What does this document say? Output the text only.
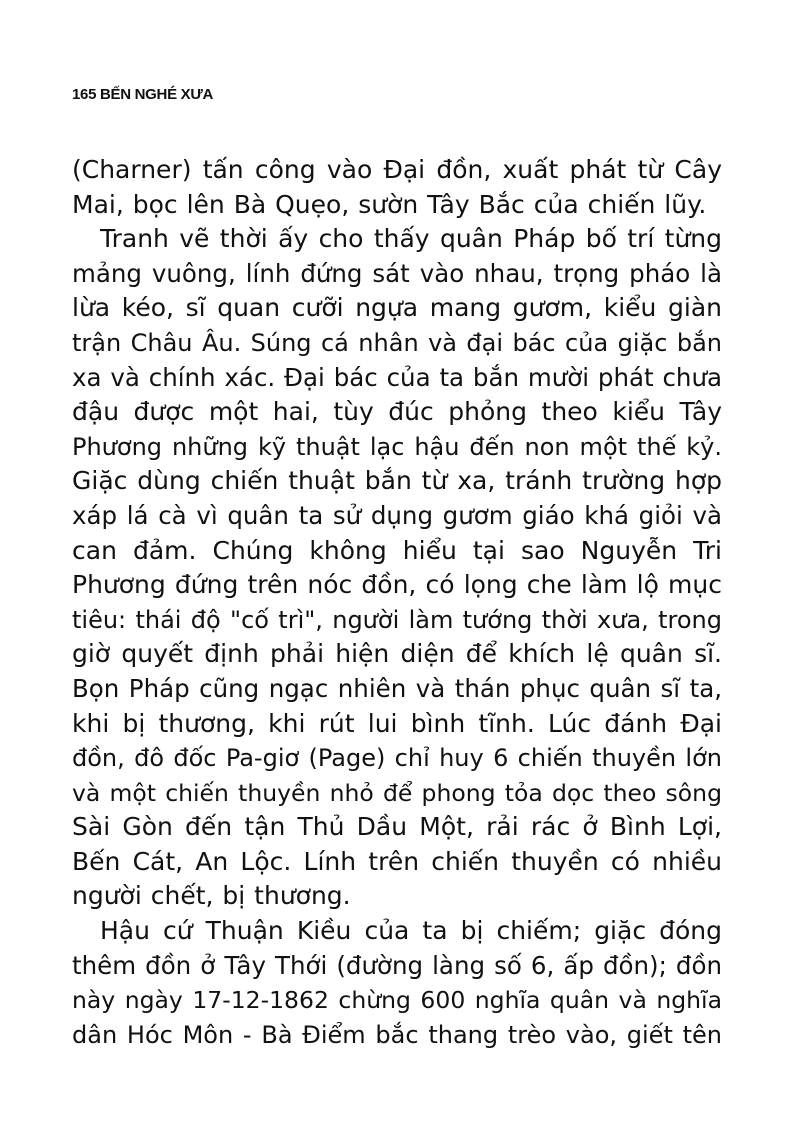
165 BẾN NGHÉ XƯA
(Charner) tấn công vào Đại đồn, xuất phát từ Cây
Mai, bọc lên Bà Quẹo, sườn Tây Bắc của chiến lũy.
Tranh vẽ thời ấy cho thấy quân Pháp bố trí từng
mảng vuông, lính đứng sát vào nhau, trọng pháo là
lừa kéo, sĩ quan cưỡi ngựa mang gươm, kiểu giàn
trận Châu Âu. Súng cá nhân và đại bác của giặc bắn
xa và chính xác. Đại bác của ta bắn mười phát chưa
đậu được một hai, tùy đúc phỏng theo kiểu Tây
Phương những kỹ thuật lạc hậu đến non một thế kỷ.
Giặc dùng chiến thuật bắn từ xa, tránh trường hợp
xáp lá cà vì quân ta sử dụng gươm giáo khá giỏi và
can đảm. Chúng không hiểu tại sao Nguyễn Tri
Phương đứng trên nóc đồn, có lọng che làm lộ mục
tiêu: thái độ "cố trì", người làm tướng thời xưa, trong
giờ quyết định phải hiện diện để khích lệ quân sĩ.
Bọn Pháp cũng ngạc nhiên và thán phục quân sĩ ta,
khi bị thương, khi rút lui bình tĩnh. Lúc đánh Đại
đồn, đô đốc Pa-giơ (Page) chỉ huy 6 chiến thuyền lớn
và một chiến thuyền nhỏ để phong tỏa dọc theo sông
Sài Gòn đến tận Thủ Dầu Một, rải rác ở Bình Lợi,
Bến Cát, An Lộc. Lính trên chiến thuyền có nhiều
người chết, bị thương.
Hậu cứ Thuận Kiều của ta bị chiếm; giặc đóng
thêm đồn ở Tây Thới (đường làng số 6, ấp đồn); đồn
này ngày 17-12-1862 chừng 600 nghĩa quân và nghĩa
dân Hóc Môn - Bà Điểm bắc thang trèo vào, giết tên
